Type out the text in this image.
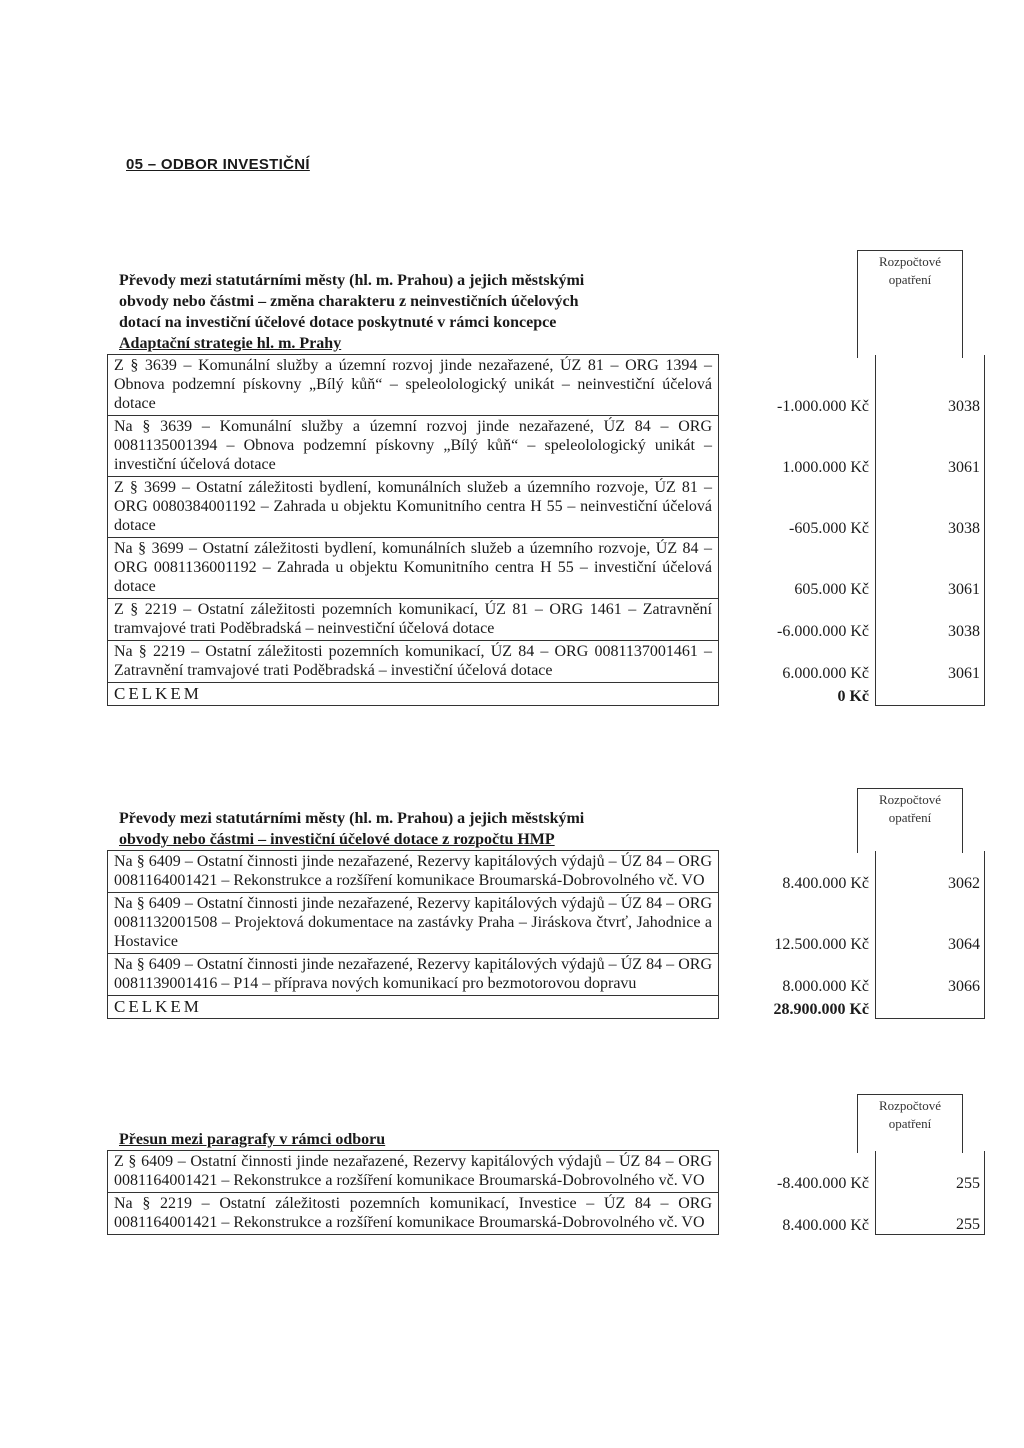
05 – ODBOR INVESTIČNÍ
Rozpočtové opatření
Převody mezi statutárními městy (hl. m. Prahou) a jejich městskými
obvody nebo částmi – změna charakteru z neinvestičních účelových
dotací na investiční účelové dotace poskytnuté v rámci koncepce
Adaptační strategie hl. m. Prahy
Z § 3639 – Komunální služby a územní rozvoj jinde nezařazené, ÚZ 81 – ORG 1394 – Obnova podzemní pískovny „Bílý kůň“ – speleolologický unikát – neinvestiční účelová dotace	-1.000.000 Kč	3038
Na § 3639 – Komunální služby a územní rozvoj jinde nezařazené, ÚZ 84 – ORG 0081135001394 – Obnova podzemní pískovny „Bílý kůň“ – speleolologický unikát – investiční účelová dotace	1.000.000 Kč	3061
Z § 3699 – Ostatní záležitosti bydlení, komunálních služeb a územního rozvoje, ÚZ 81 – ORG 0080384001192 – Zahrada u objektu Komunitního centra H 55 – neinvestiční účelová dotace	-605.000 Kč	3038
Na § 3699 – Ostatní záležitosti bydlení, komunálních služeb a územního rozvoje, ÚZ 84 – ORG 0081136001192 – Zahrada u objektu Komunitního centra H 55 – investiční účelová dotace	605.000 Kč	3061
Z § 2219 – Ostatní záležitosti pozemních komunikací, ÚZ 81 – ORG 1461 – Zatravnění tramvajové trati Poděbradská – neinvestiční účelová dotace	-6.000.000 Kč	3038
Na § 2219 – Ostatní záležitosti pozemních komunikací, ÚZ 84 – ORG 0081137001461 – Zatravnění tramvajové trati Poděbradská – investiční účelová dotace	6.000.000 Kč	3061
CELKEM	0 Kč	
Rozpočtové opatření
Převody mezi statutárními městy (hl. m. Prahou) a jejich městskými
obvody nebo částmi – investiční účelové dotace z rozpočtu HMP
Na § 6409 – Ostatní činnosti jinde nezařazené, Rezervy kapitálových výdajů – ÚZ 84 – ORG 0081164001421 – Rekonstrukce a rozšíření komunikace Broumarská-Dobrovolného vč. VO	8.400.000 Kč	3062
Na § 6409 – Ostatní činnosti jinde nezařazené, Rezervy kapitálových výdajů – ÚZ 84 – ORG 0081132001508 – Projektová dokumentace na zastávky Praha – Jiráskova čtvrť, Jahodnice a Hostavice	12.500.000 Kč	3064
Na § 6409 – Ostatní činnosti jinde nezařazené, Rezervy kapitálových výdajů – ÚZ 84 – ORG 0081139001416 – P14 – příprava nových komunikací pro bezmotorovou dopravu	8.000.000 Kč	3066
CELKEM	28.900.000 Kč	
Rozpočtové opatření
Přesun mezi paragrafy v rámci odboru
Z § 6409 – Ostatní činnosti jinde nezařazené, Rezervy kapitálových výdajů – ÚZ 84 – ORG 0081164001421 – Rekonstrukce a rozšíření komunikace Broumarská-Dobrovolného vč. VO	-8.400.000 Kč	255
Na § 2219 – Ostatní záležitosti pozemních komunikací, Investice – ÚZ 84 – ORG 0081164001421 – Rekonstrukce a rozšíření komunikace Broumarská-Dobrovolného vč. VO	8.400.000 Kč	255
